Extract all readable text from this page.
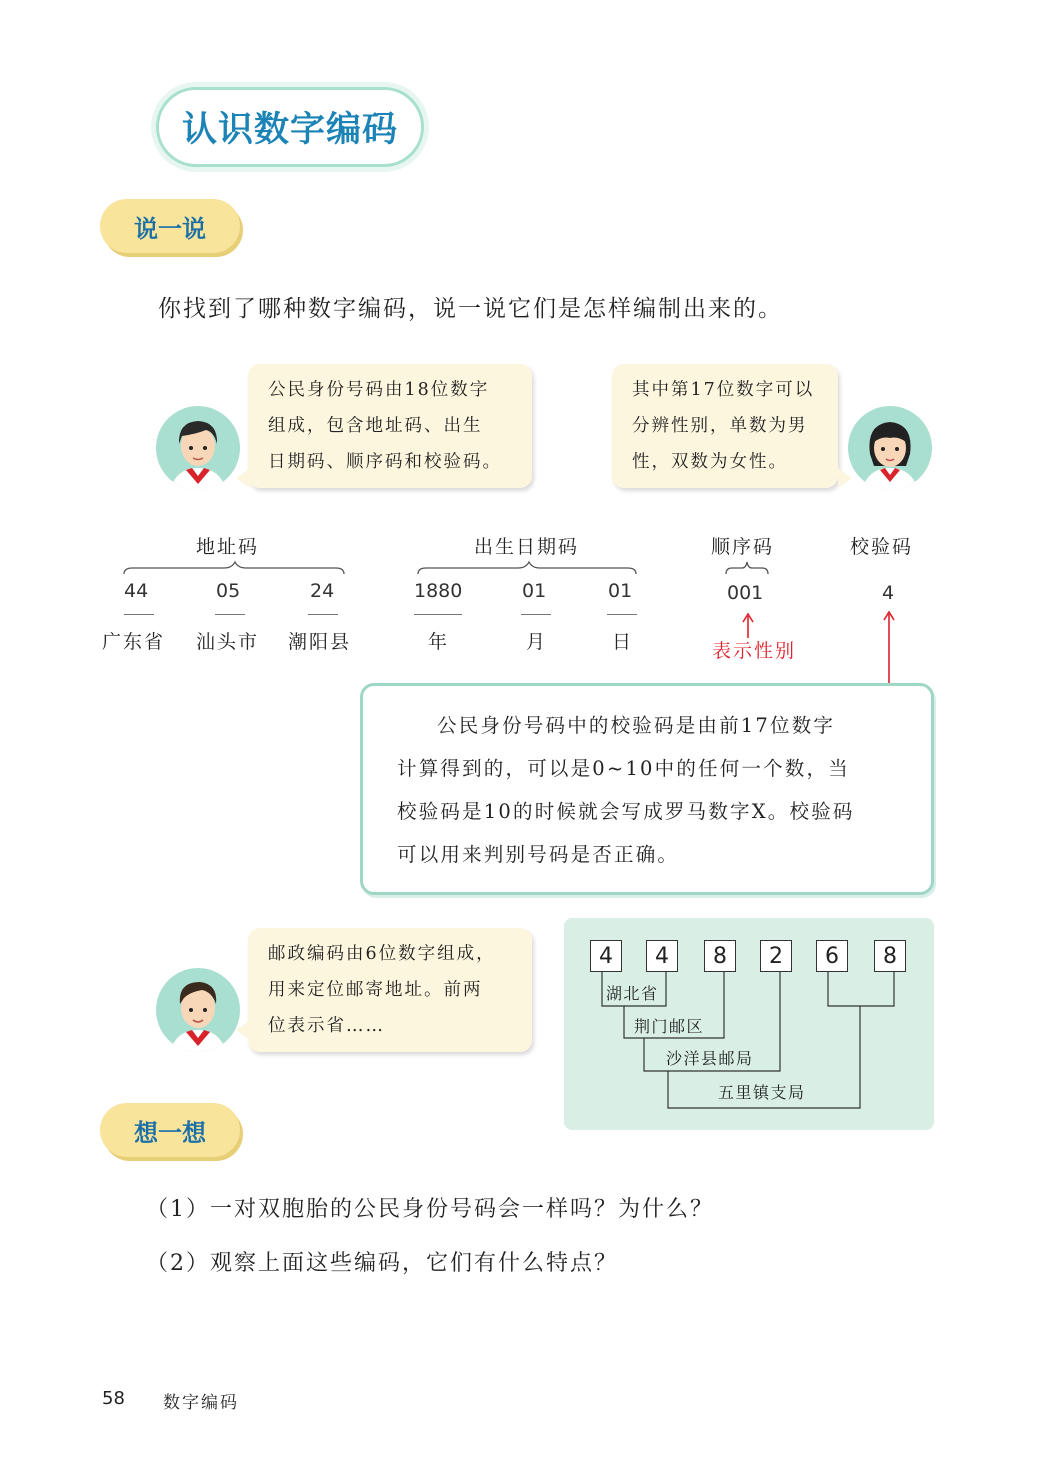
认识数字编码
说一说
你找到了哪种数字编码，说一说它们是怎样编制出来的。
公民身份号码由18位数字
组成，包含地址码、出生
日期码、顺序码和校验码。
其中第17位数字可以
分辨性别，单数为男
性，双数为女性。
地址码	出生日期码	顺序码	校验码
44	05	24	1880	01	01	001	4
广东省 汕头市 潮阳县	年	月	日	表示性别
公民身份号码中的校验码是由前17位数字
计算得到的，可以是0~10中的任何一个数，当
校验码是10的时候就会写成罗马数字X。校验码
可以用来判别号码是否正确。
邮政编码由6位数字组成，
用来定位邮寄地址。前两
位表示省……
4	4	8	2	6	8
湖北省
荆门邮区
沙洋县邮局
五里镇支局
想一想
（1）一对双胞胎的公民身份号码会一样吗？为什么？
（2）观察上面这些编码，它们有什么特点？
58 数字编码
